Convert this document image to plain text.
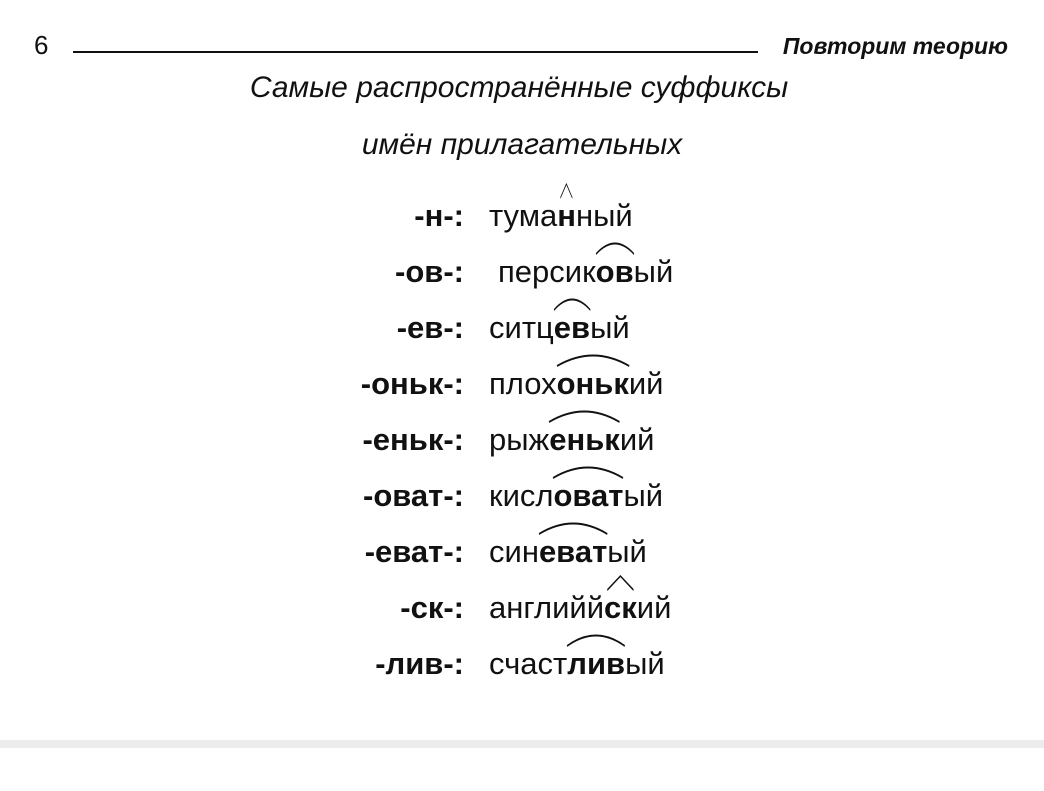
6	Повторим теорию
Самые распространённые суффиксы
имён прилагательных
-н-: тума
нный
-ов-: персик
овый
-ев-: ситц
евый
-оньк-: плох
онький
-еньк-: рыж
енький
-оват-: кисл
оватый
-еват-: син
еватый
-ск-: английй
ский
-лив-: счаст
ливый
